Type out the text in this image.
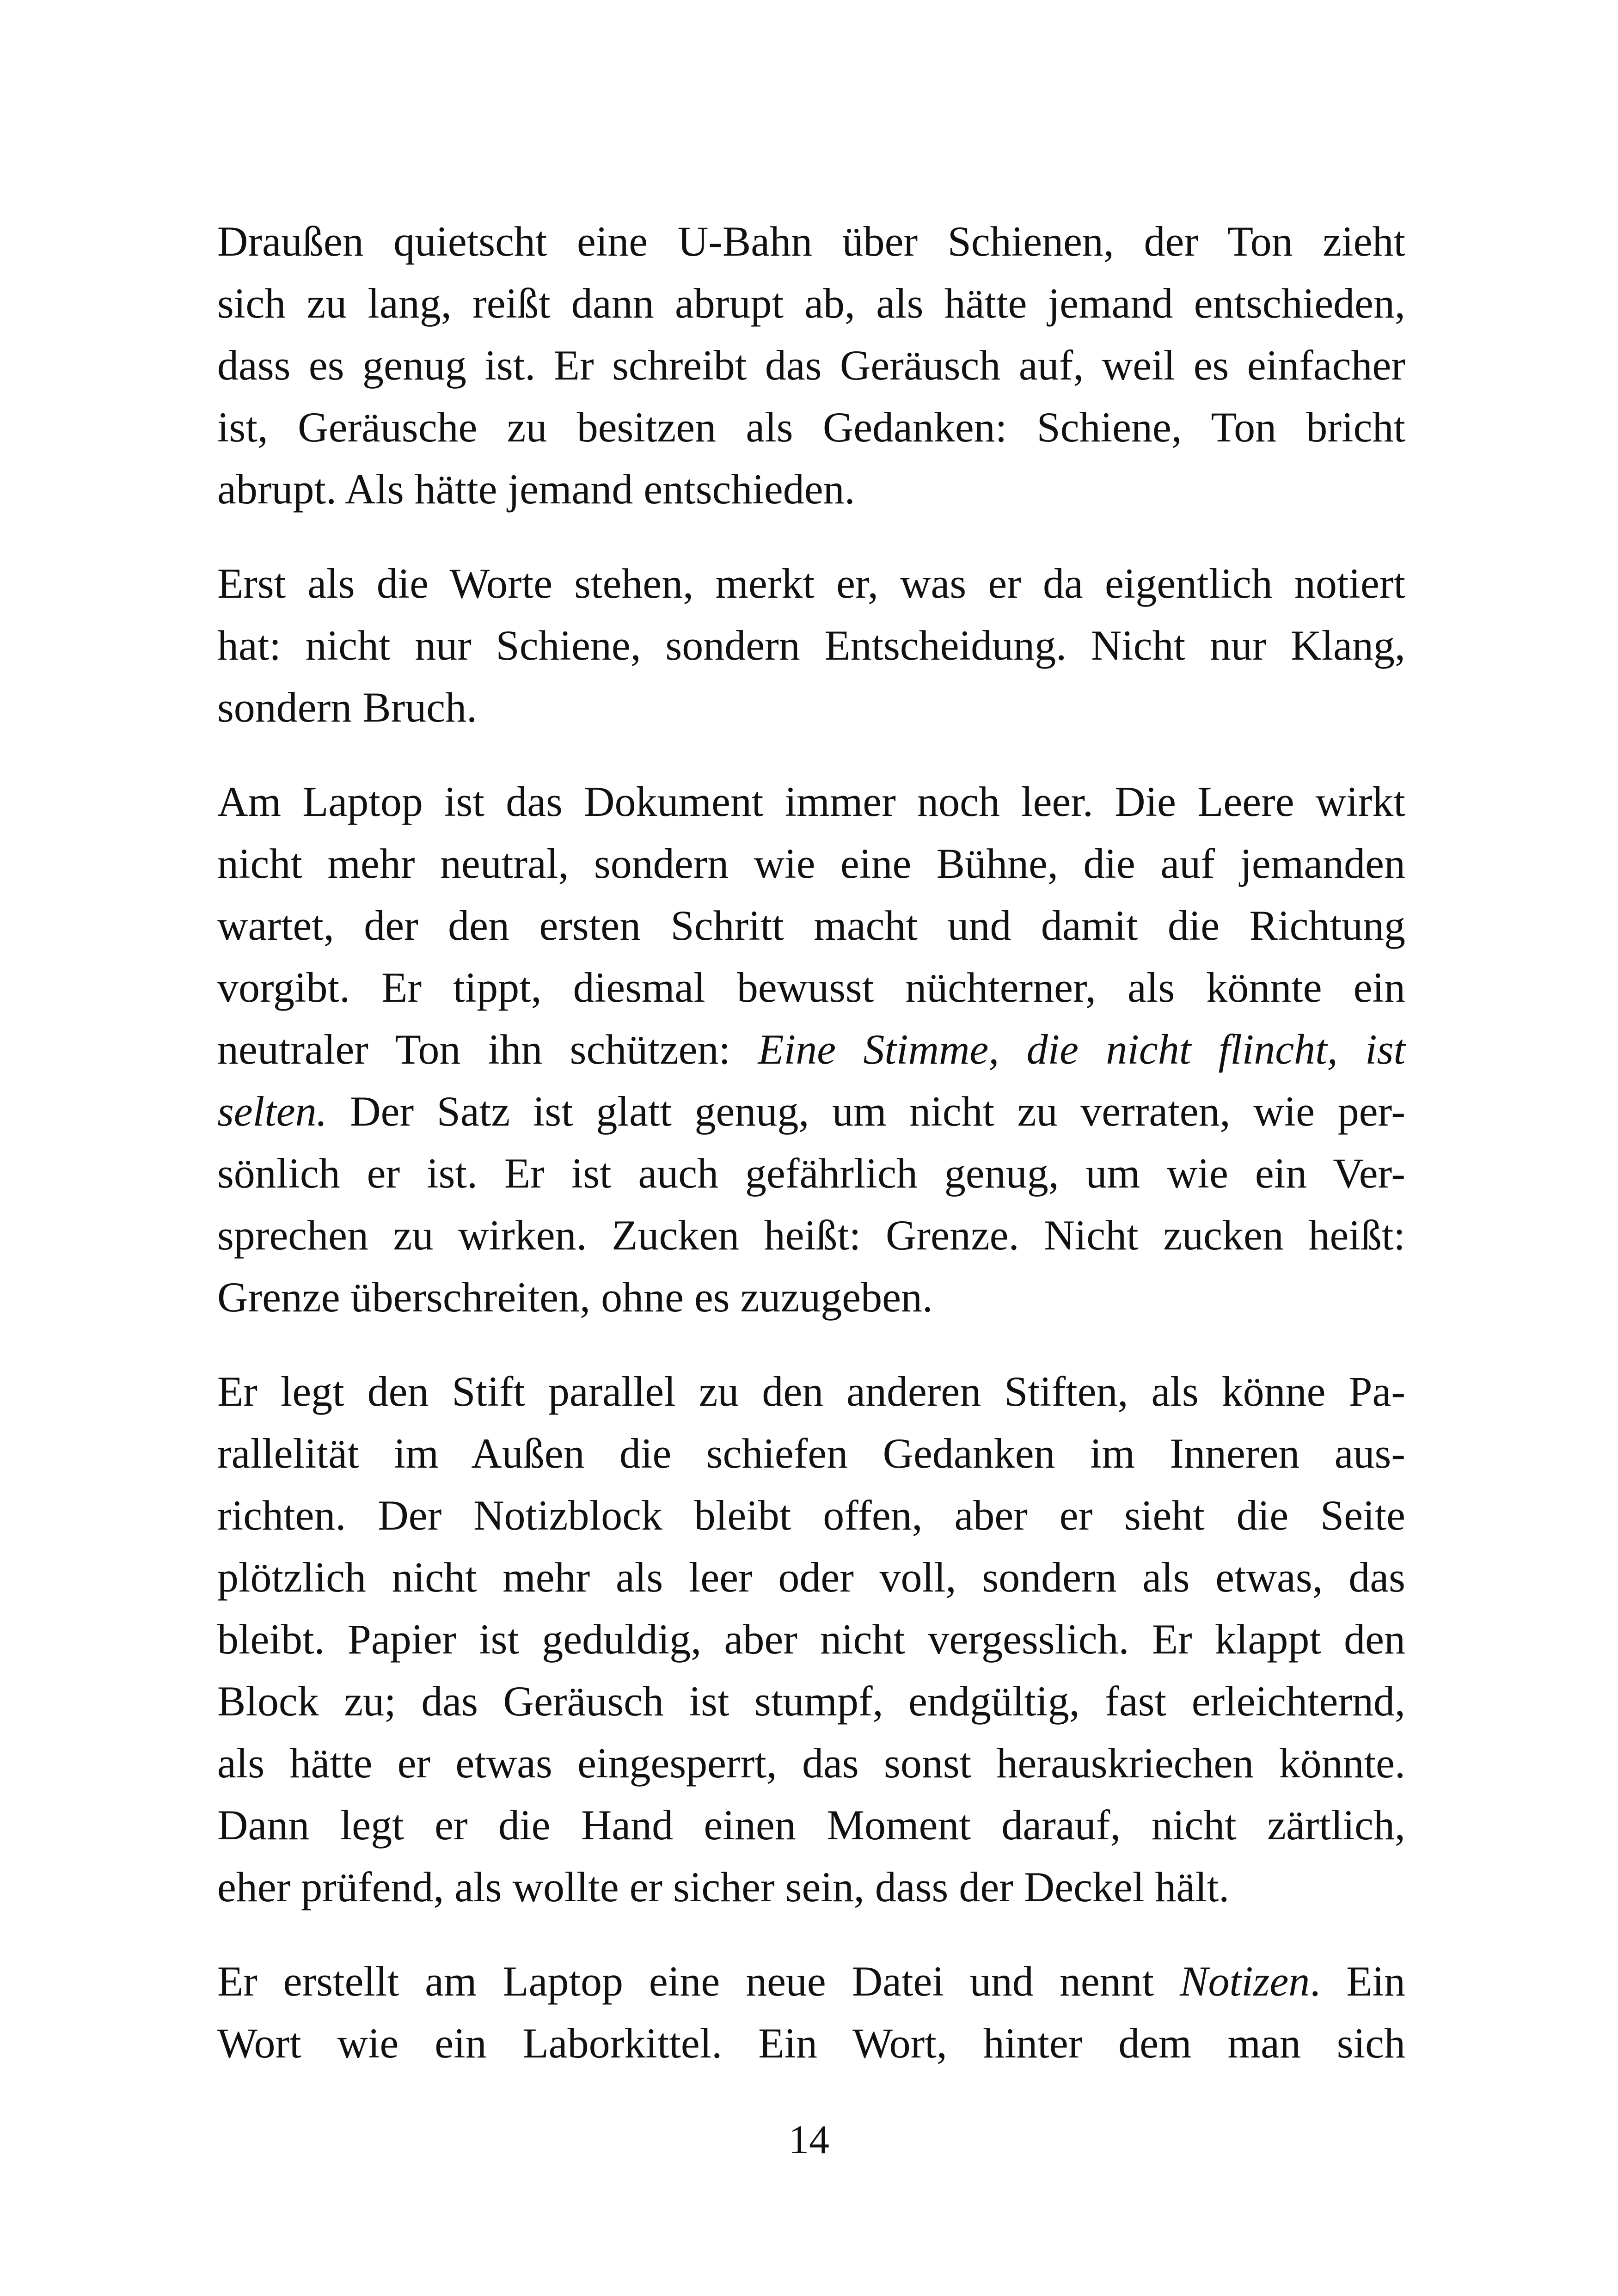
Draußen quietscht eine U-Bahn über Schienen, der Ton zieht
sich zu lang, reißt dann abrupt ab, als hätte jemand entschieden,
dass es genug ist. Er schreibt das Geräusch auf, weil es einfacher
ist, Geräusche zu besitzen als Gedanken: Schiene, Ton bricht
abrupt. Als hätte jemand entschieden.

Erst als die Worte stehen, merkt er, was er da eigentlich notiert
hat: nicht nur Schiene, sondern Entscheidung. Nicht nur Klang,
sondern Bruch.

Am Laptop ist das Dokument immer noch leer. Die Leere wirkt
nicht mehr neutral, sondern wie eine Bühne, die auf jemanden
wartet, der den ersten Schritt macht und damit die Richtung
vorgibt. Er tippt, diesmal bewusst nüchterner, als könnte ein
neutraler Ton ihn schützen: Eine Stimme, die nicht flincht, ist
selten. Der Satz ist glatt genug, um nicht zu verraten, wie per-
sönlich er ist. Er ist auch gefährlich genug, um wie ein Ver-
sprechen zu wirken. Zucken heißt: Grenze. Nicht zucken heißt:
Grenze überschreiten, ohne es zuzugeben.

Er legt den Stift parallel zu den anderen Stiften, als könne Pa-
rallelität im Außen die schiefen Gedanken im Inneren aus-
richten. Der Notizblock bleibt offen, aber er sieht die Seite
plötzlich nicht mehr als leer oder voll, sondern als etwas, das
bleibt. Papier ist geduldig, aber nicht vergesslich. Er klappt den
Block zu; das Geräusch ist stumpf, endgültig, fast erleichternd,
als hätte er etwas eingesperrt, das sonst herauskriechen könnte.
Dann legt er die Hand einen Moment darauf, nicht zärtlich,
eher prüfend, als wollte er sicher sein, dass der Deckel hält.

Er erstellt am Laptop eine neue Datei und nennt Notizen. Ein
Wort wie ein Laborkittel. Ein Wort, hinter dem man sich

14
